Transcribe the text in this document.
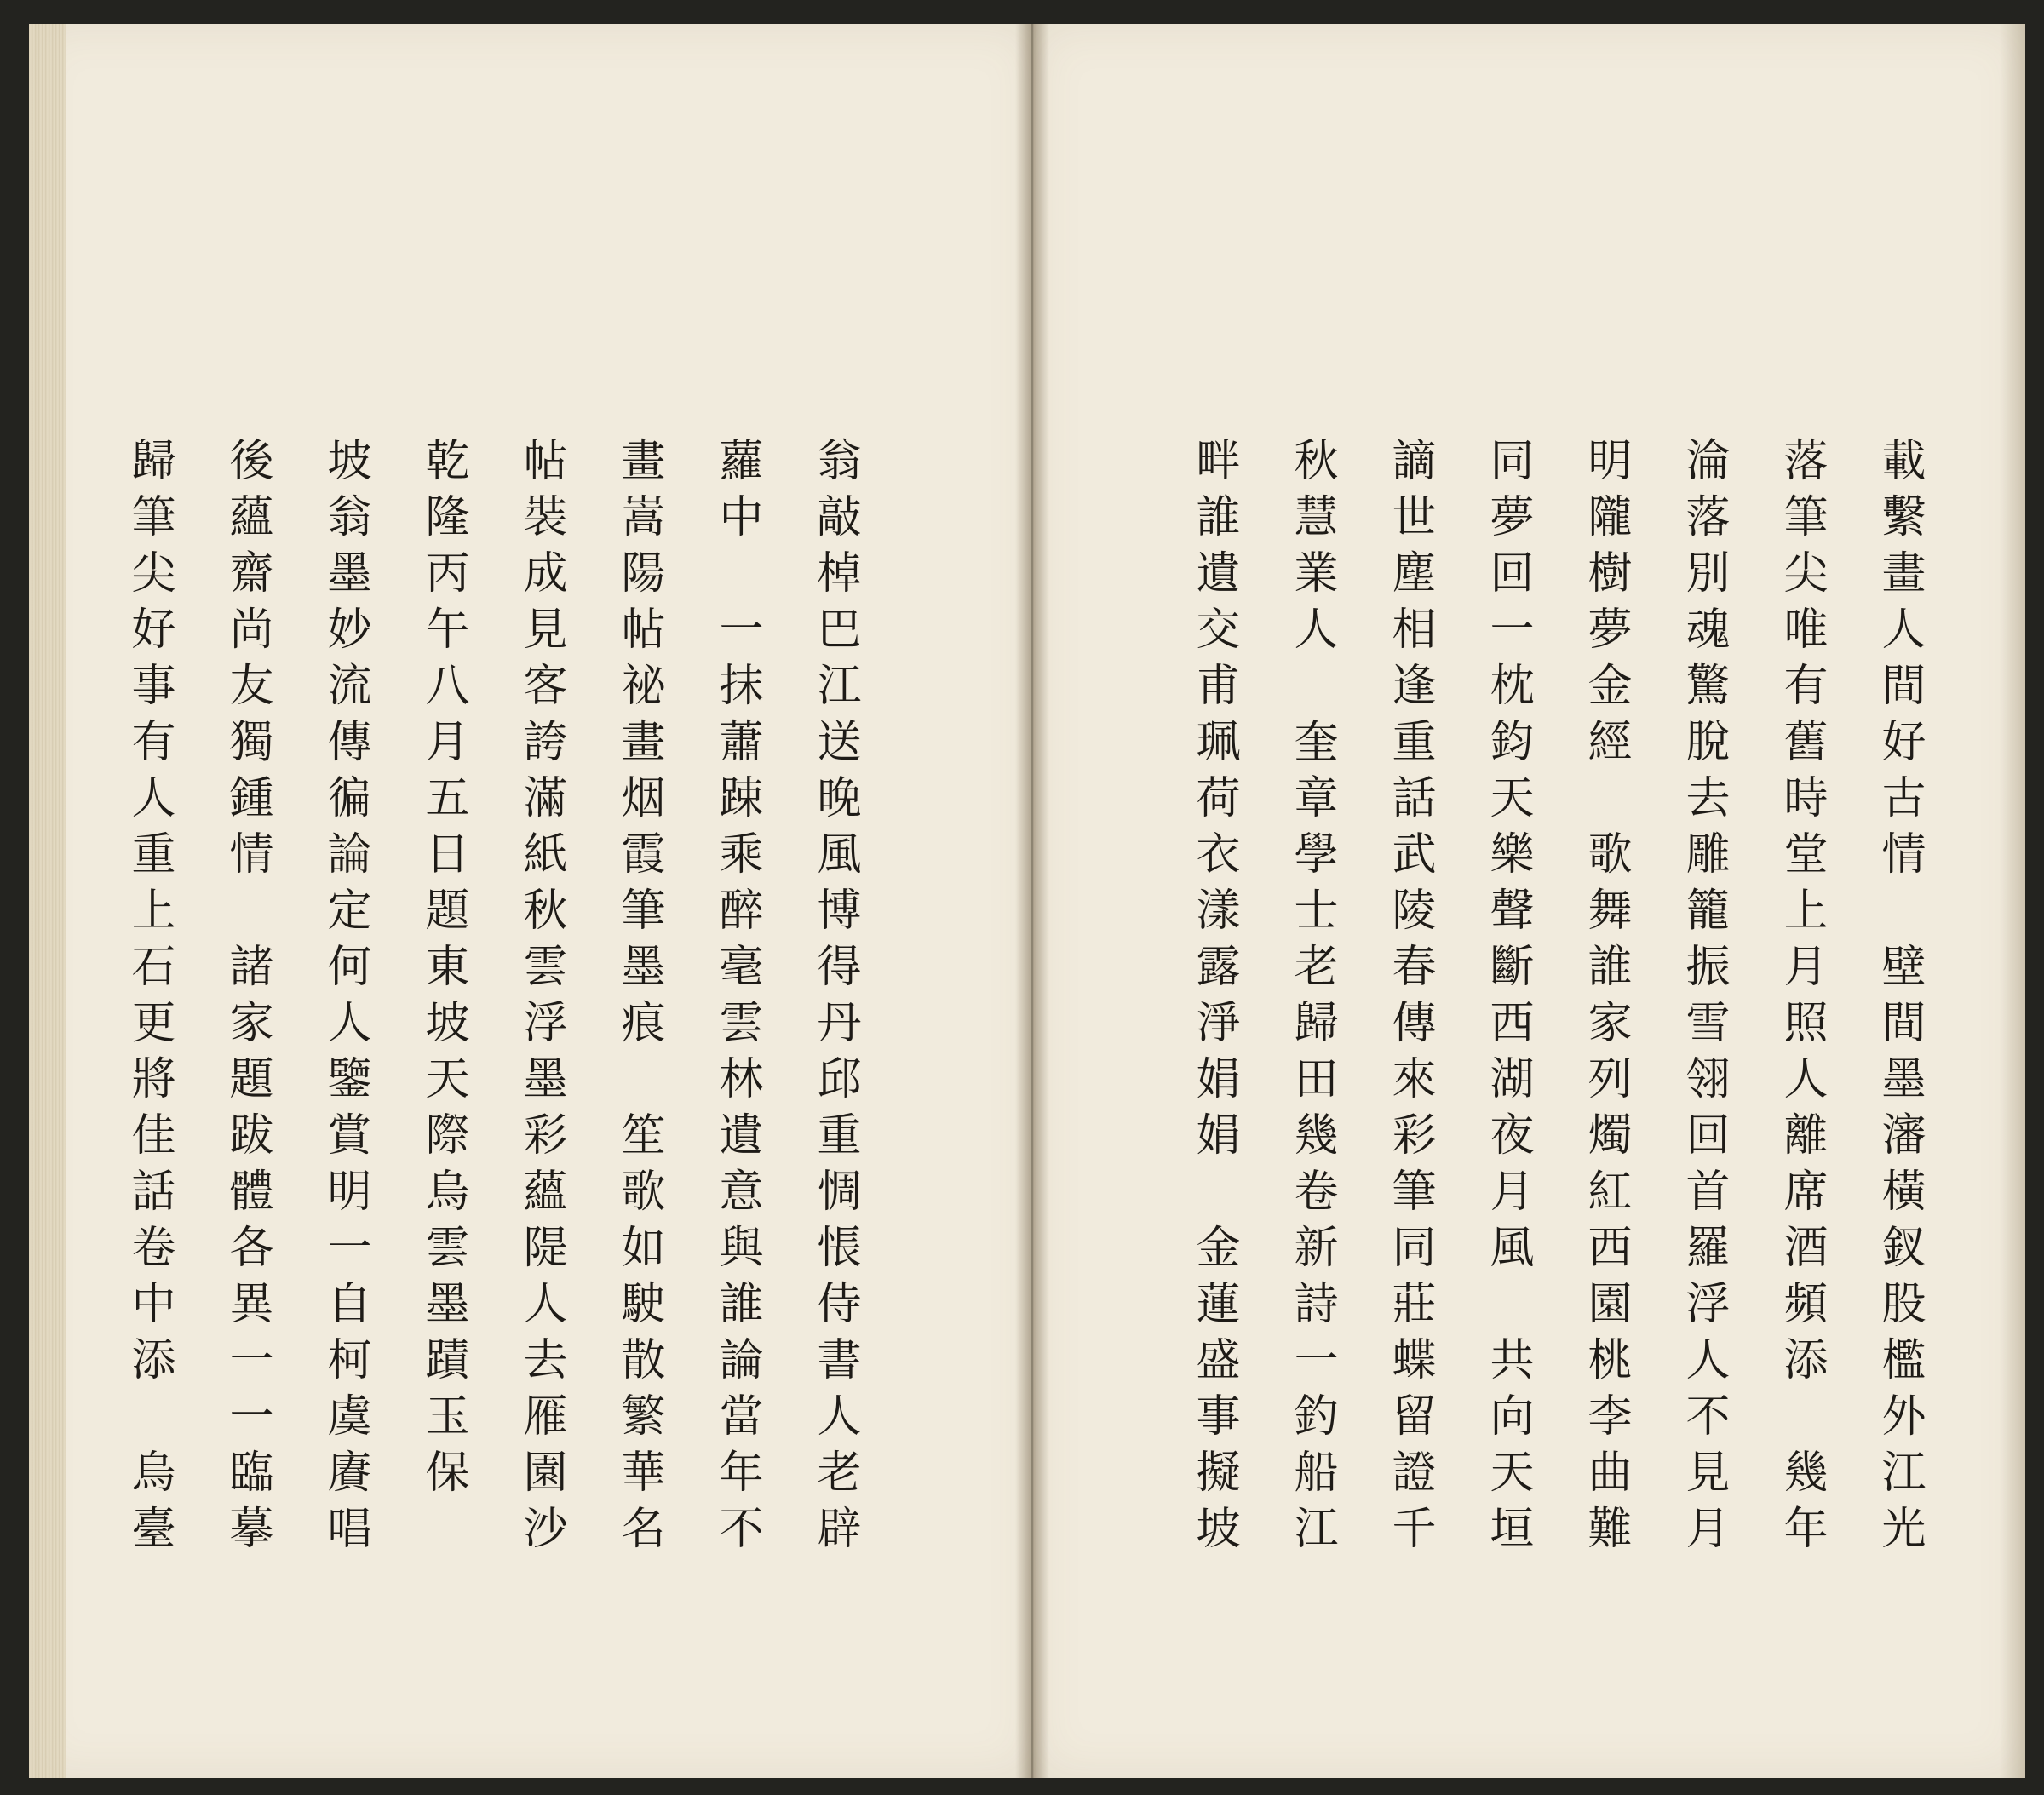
翁敲棹巴江送晚風博得丹邱重惆悵侍書人老辟
蘿中　一抹蕭踈乘醉毫雲林遺意與誰論當年不
畫嵩陽帖祕畫烟霞筆墨痕　笙歌如駛散繁華名
帖裝成見客誇滿紙秋雲浮墨彩蘊隄人去雁園沙
乾隆丙午八月五日題東坡天際烏雲墨蹟玉保
坡翁墨妙流傳徧論定何人鑒賞明一自柯虞賡唱
後蘊齋尚友獨鍾情　諸家題跋體各異一一臨摹
歸筆尖好事有人重上石更將佳話卷中添　烏臺	載繫畫人間好古情　壁間墨瀋橫釵股檻外江光
落筆尖唯有舊時堂上月照人離席酒頻添　幾年
淪落別魂驚脫去雕籠振雪翎回首羅浮人不見月
明隴樹夢金經　歌舞誰家列燭紅西園桃李曲難
同夢回一枕鈞天樂聲斷西湖夜月風　共向天垣
謫世塵相逢重話武陵春傳來彩筆同莊蝶留證千
秋慧業人　奎章學士老歸田幾卷新詩一釣船江
畔誰遺交甫珮荷衣漾露淨娟娟　金蓮盛事擬坡
